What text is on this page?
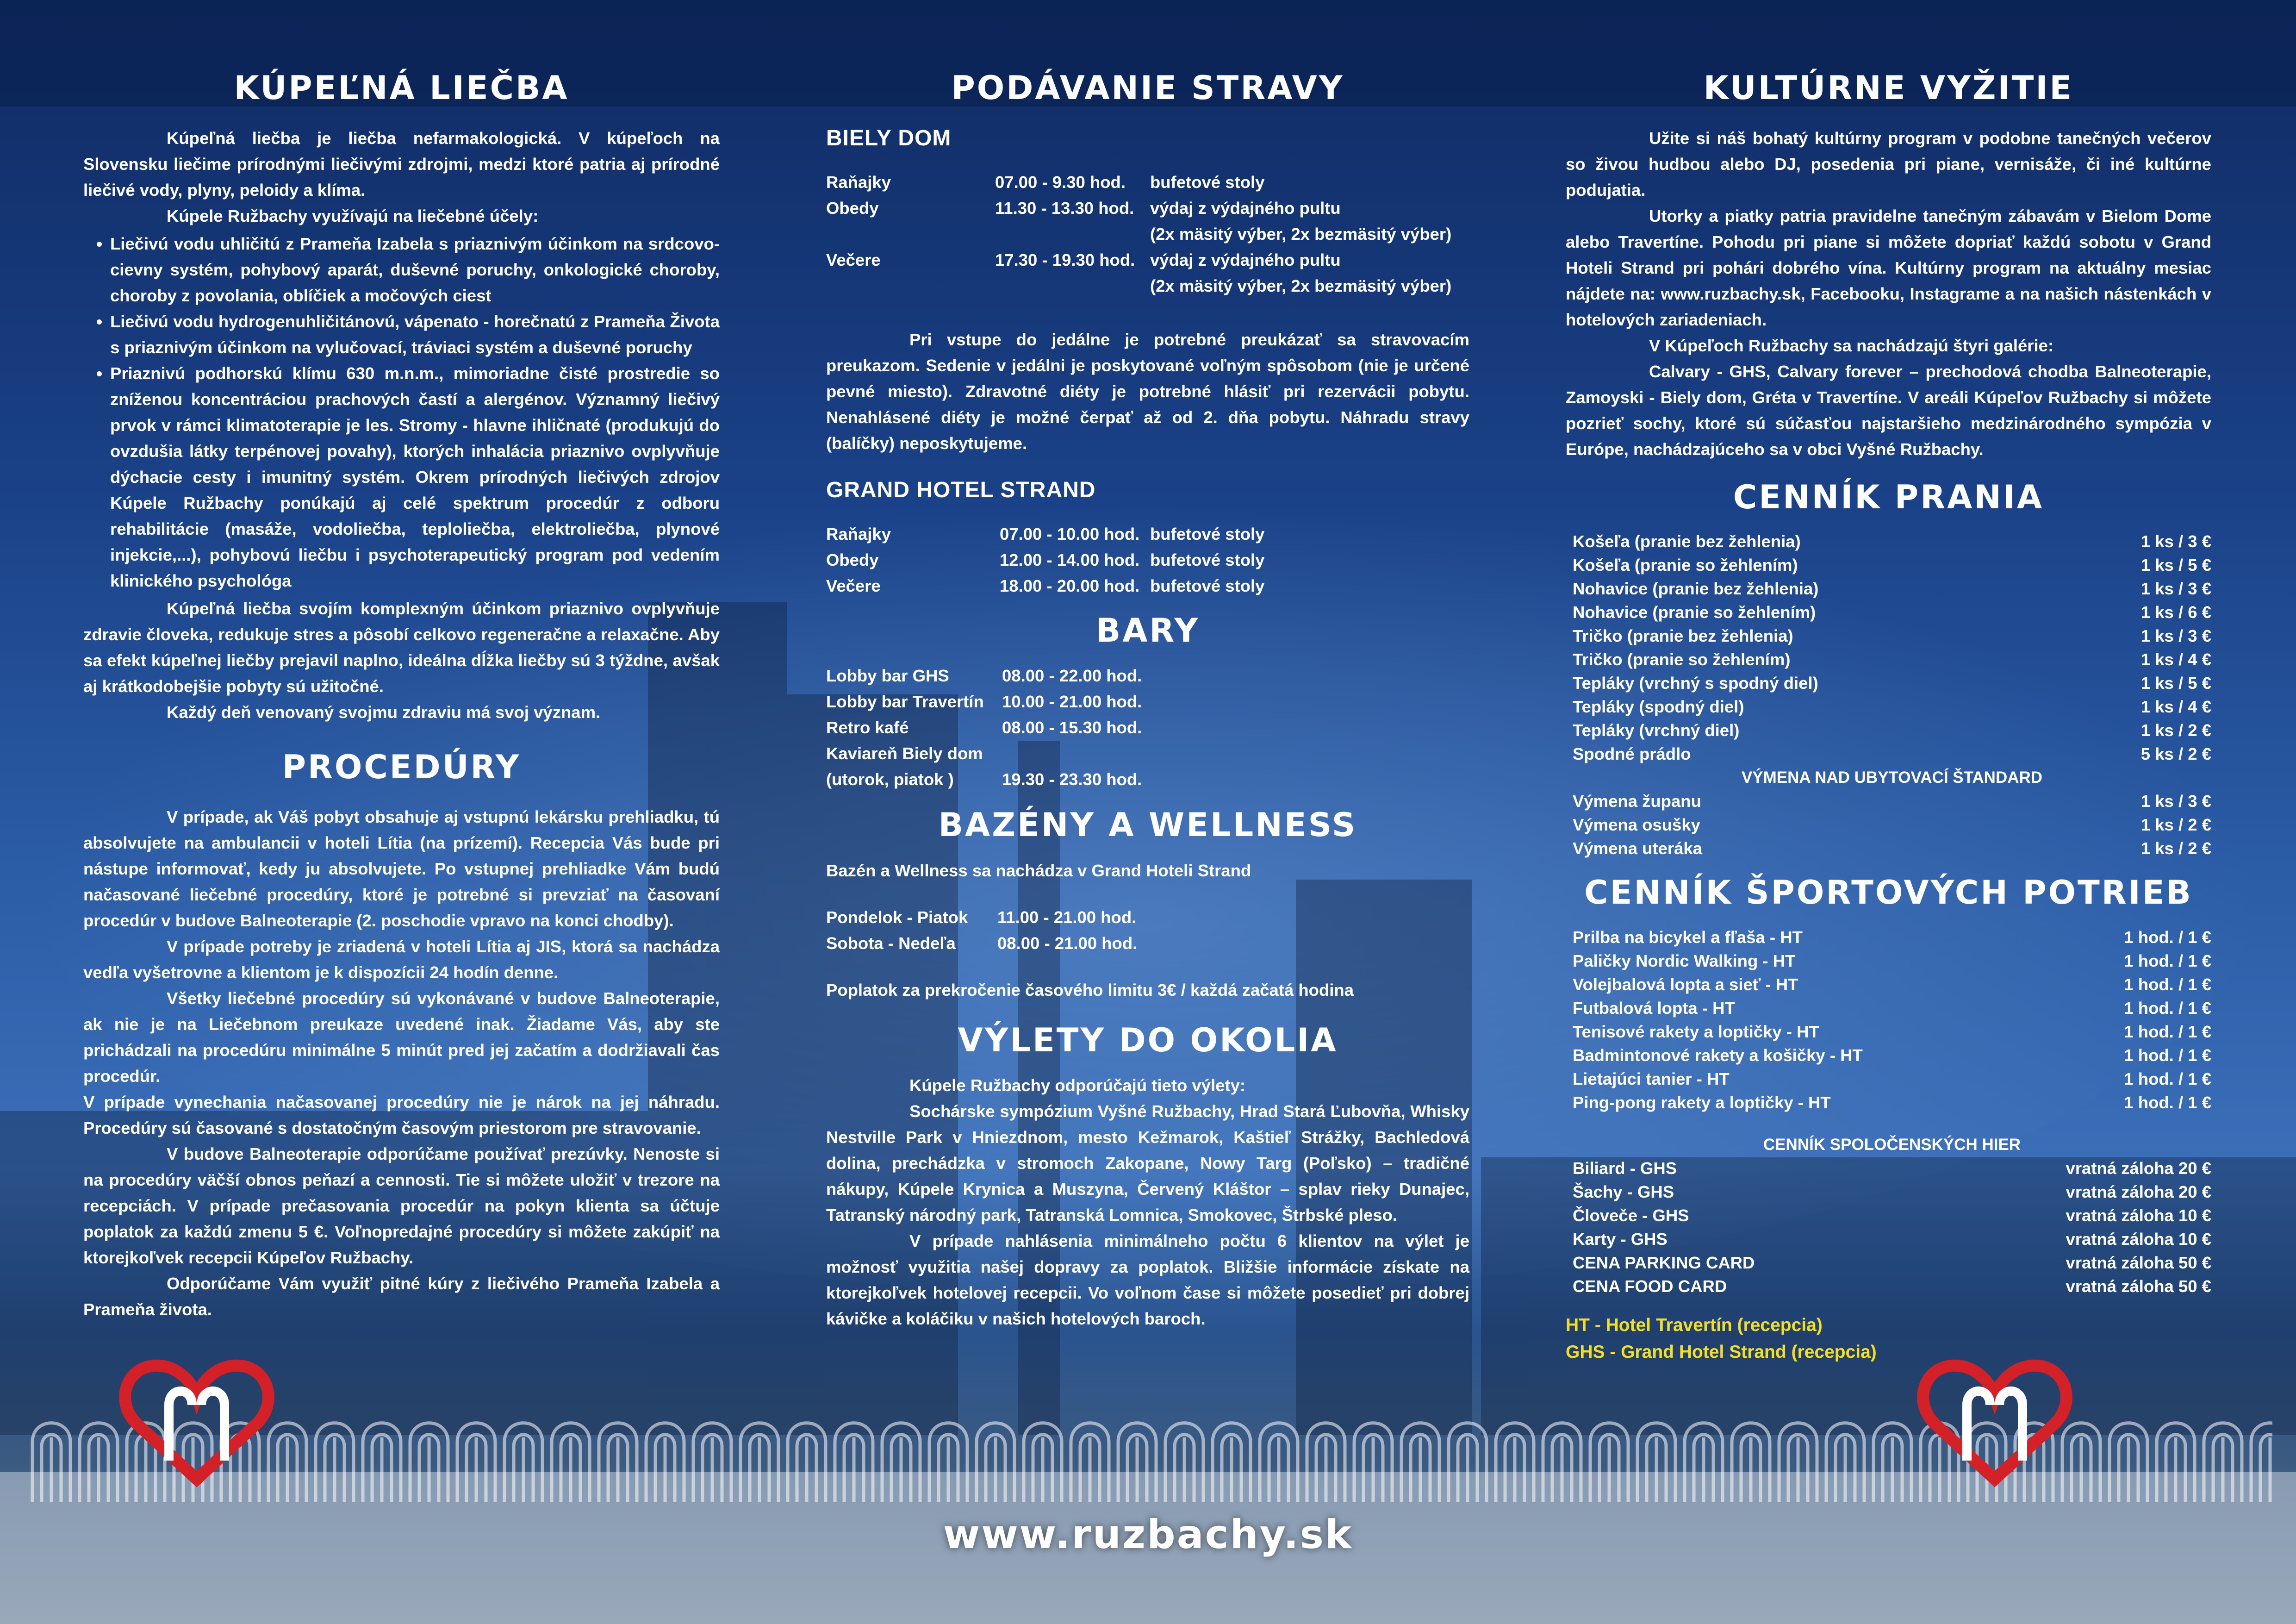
KÚPEĽNÁ LIEČBA

Kúpeľná liečba je liečba nefarmakologická. V kúpeľoch na Slovensku liečime prírodnými liečivými zdrojmi, medzi ktoré patria aj prírodné liečivé vody, plyny, peloidy a klíma.

Kúpele Ružbachy využívajú na liečebné účely:

• Liečivú vodu uhličitú z Prameňa Izabela s priaznivým účinkom na srdcovo-cievny systém, pohybový aparát, duševné poruchy, onkologické choroby, choroby z povolania, oblíčiek a močových ciest
• Liečivú vodu hydrogenuhličitánovú, vápenato - horečnatú z Prameňa Života s priaznivým účinkom na vylučovací, tráviaci systém a duševné poruchy
• Priaznivú podhorskú klímu 630 m.n.m., mimoriadne čisté prostredie so zníženou koncentráciou prachových častí a alergénov. Významný liečivý prvok v rámci klimatoterapie je les. Stromy - hlavne ihličnaté (produkujú do ovzdušia látky terpénovej povahy), ktorých inhalácia priaznivo ovplyvňuje dýchacie cesty i imunitný systém. Okrem prírodných liečivých zdrojov Kúpele Ružbachy ponúkajú aj celé spektrum procedúr z odboru rehabilitácie (masáže, vodoliečba, teploliečba, elektroliečba, plynové injekcie,...), pohybovú liečbu i psychoterapeutický program pod vedením klinického psychológa

Kúpeľná liečba svojím komplexným účinkom priaznivo ovplyvňuje zdravie človeka, redukuje stres a pôsobí celkovo regeneračne a relaxačne. Aby sa efekt kúpeľnej liečby prejavil naplno, ideálna dĺžka liečby sú 3 týždne, avšak aj krátkodobejšie pobyty sú užitočné.

Každý deň venovaný svojmu zdraviu má svoj význam.

PROCEDÚRY

V prípade, ak Váš pobyt obsahuje aj vstupnú lekársku prehliadku, tú absolvujete na ambulancii v hoteli Lítia (na prízemí). Recepcia Vás bude pri nástupe informovať, kedy ju absolvujete. Po vstupnej prehliadke Vám budú načasované liečebné procedúry, ktoré je potrebné si prevziať na časovaní procedúr v budove Balneoterapie (2. poschodie vpravo na konci chodby).

V prípade potreby je zriadená v hoteli Lítia aj JIS, ktorá sa nachádza vedľa vyšetrovne a klientom je k dispozícii 24 hodín denne.

Všetky liečebné procedúry sú vykonávané v budove Balneoterapie, ak nie je na Liečebnom preukaze uvedené inak. Žiadame Vás, aby ste prichádzali na procedúru minimálne 5 minút pred jej začatím a dodržiavali čas procedúr.

V prípade vynechania načasovanej procedúry nie je nárok na jej náhradu. Procedúry sú časované s dostatočným časovým priestorom pre stravovanie.

V budove Balneoterapie odporúčame používať prezúvky. Nenoste si na procedúry väčší obnos peňazí a cennosti. Tie si môžete uložiť v trezore na recepciách. V prípade prečasovania procedúr na pokyn klienta sa účtuje poplatok za každú zmenu 5 €. Voľnopredajné procedúry si môžete zakúpiť na ktorejkoľvek recepcii Kúpeľov Ružbachy.

Odporúčame Vám využiť pitné kúry z liečivého Prameňa Izabela a Prameňa života.

PODÁVANIE STRAVY
BIELY DOM
Raňajky	07.00 - 9.30 hod.	bufetové stoly
Obedy	11.30 - 13.30 hod.	výdaj z výdajného pultu
		(2x mäsitý výber, 2x bezmäsitý výber)

Večere	17.30 - 19.30 hod.	výdaj z výdajného pultu
		(2x mäsitý výber, 2x bezmäsitý výber)

Pri vstupe do jedálne je potrebné preukázať sa stravovacím preukazom. Sedenie v jedálni je poskytované voľným spôsobom (nie je určené pevné miesto). Zdravotné diéty je potrebné hlásiť pri rezervácii pobytu. Nenahlásené diéty je možné čerpať až od 2. dňa pobytu. Náhradu stravy (balíčky) neposkytujeme.

GRAND HOTEL STRAND
Raňajky	07.00 - 10.00 hod.	bufetové stoly
Obedy	12.00 - 14.00 hod.	bufetové stoly
Večere	18.00 - 20.00 hod.	bufetové stoly
BARY
Lobby bar GHS	08.00 - 22.00 hod.
Lobby bar Travertín	10.00 - 21.00 hod.
Retro kafé	08.00 - 15.30 hod.
Kaviareň Biely dom	
(utorok, piatok )	19.30 - 23.30 hod.
BAZÉNY A WELLNESS

Bazén a Wellness sa nachádza v Grand Hoteli Strand

Pondelok - Piatok	11.00 - 21.00 hod.
Sobota - Nedeľa	08.00 - 21.00 hod.

Poplatok za prekročenie časového limitu 3€ / každá začatá hodina

VÝLETY DO OKOLIA

Kúpele Ružbachy odporúčajú tieto výlety:

Sochárske sympózium Vyšné Ružbachy, Hrad Stará Ľubovňa, Whisky Nestville Park v Hniezdnom, mesto Kežmarok, Kaštieľ Strážky, Bachledová dolina, prechádzka v stromoch Zakopane, Nowy Targ (Poľsko) – tradičné nákupy, Kúpele Krynica a Muszyna, Červený Kláštor – splav rieky Dunajec, Tatranský národný park, Tatranská Lomnica, Smokovec, Štrbské pleso.

V prípade nahlásenia minimálneho počtu 6 klientov na výlet je možnosť využitia našej dopravy za poplatok. Bližšie informácie získate na ktorejkoľvek hotelovej recepcii. Vo voľnom čase si môžete posedieť pri dobrej kávičke a koláčiku v našich hotelových baroch.

KULTÚRNE VYŽITIE

Užite si náš bohatý kultúrny program v podobne tanečných večerov so živou hudbou alebo DJ, posedenia pri piane, vernisáže, či iné kultúrne podujatia.

Utorky a piatky patria pravidelne tanečným zábavám v Bielom Dome alebo Travertíne. Pohodu pri piane si môžete dopriať každú sobotu v Grand Hoteli Strand pri pohári dobrého vína. Kultúrny program na aktuálny mesiac nájdete na: www.ruzbachy.sk, Facebooku, Instagrame a na našich nástenkách v hotelových zariadeniach.

V Kúpeľoch Ružbachy sa nachádzajú štyri galérie:

Calvary - GHS, Calvary forever – prechodová chodba Balneoterapie, Zamoyski - Biely dom, Gréta v Travertíne. V areáli Kúpeľov Ružbachy si môžete pozrieť sochy, ktoré sú súčasťou najstaršieho medzinárodného sympózia v Európe, nachádzajúceho sa v obci Vyšné Ružbachy.

CENNÍK PRANIA
Košeľa (pranie bez žehlenia)	1 ks / 3 €
Košeľa (pranie so žehlením)	1 ks / 5 €
Nohavice (pranie bez žehlenia)	1 ks / 3 €
Nohavice (pranie so žehlením)	1 ks / 6 €
Tričko (pranie bez žehlenia)	1 ks / 3 €
Tričko (pranie so žehlením)	1 ks / 4 €
Tepláky (vrchný s spodný diel)	1 ks / 5 €
Tepláky (spodný diel)	1 ks / 4 €
Tepláky (vrchný diel)	1 ks / 2 €
Spodné prádlo	5 ks / 2 €
VÝMENA NAD UBYTOVACÍ ŠTANDARD	
Výmena županu	1 ks / 3 €
Výmena osušky	1 ks / 2 €
Výmena uteráka	1 ks / 2 €
CENNÍK ŠPORTOVÝCH POTRIEB
Prilba na bicykel a fľaša - HT	1 hod. / 1 €
Paličky Nordic Walking - HT	1 hod. / 1 €
Volejbalová lopta a sieť - HT	1 hod. / 1 €
Futbalová lopta - HT	1 hod. / 1 €
Tenisové rakety a loptičky - HT	1 hod. / 1 €
Badmintonové rakety a košičky - HT	1 hod. / 1 €
Lietajúci tanier - HT	1 hod. / 1 €
Ping-pong rakety a loptičky - HT	1 hod. / 1 €

CENNÍK SPOLOČENSKÝCH HIER	
Biliard - GHS	vratná záloha 20 €
Šachy - GHS	vratná záloha 20 €
Človeče - GHS	vratná záloha 10 €
Karty - GHS	vratná záloha 10 €
CENA PARKING CARD	vratná záloha 50 €
CENA FOOD CARD	vratná záloha 50 €
HT - Hotel Travertín (recepcia)
GHS - Grand Hotel Strand (recepcia)
www.ruzbachy.sk
